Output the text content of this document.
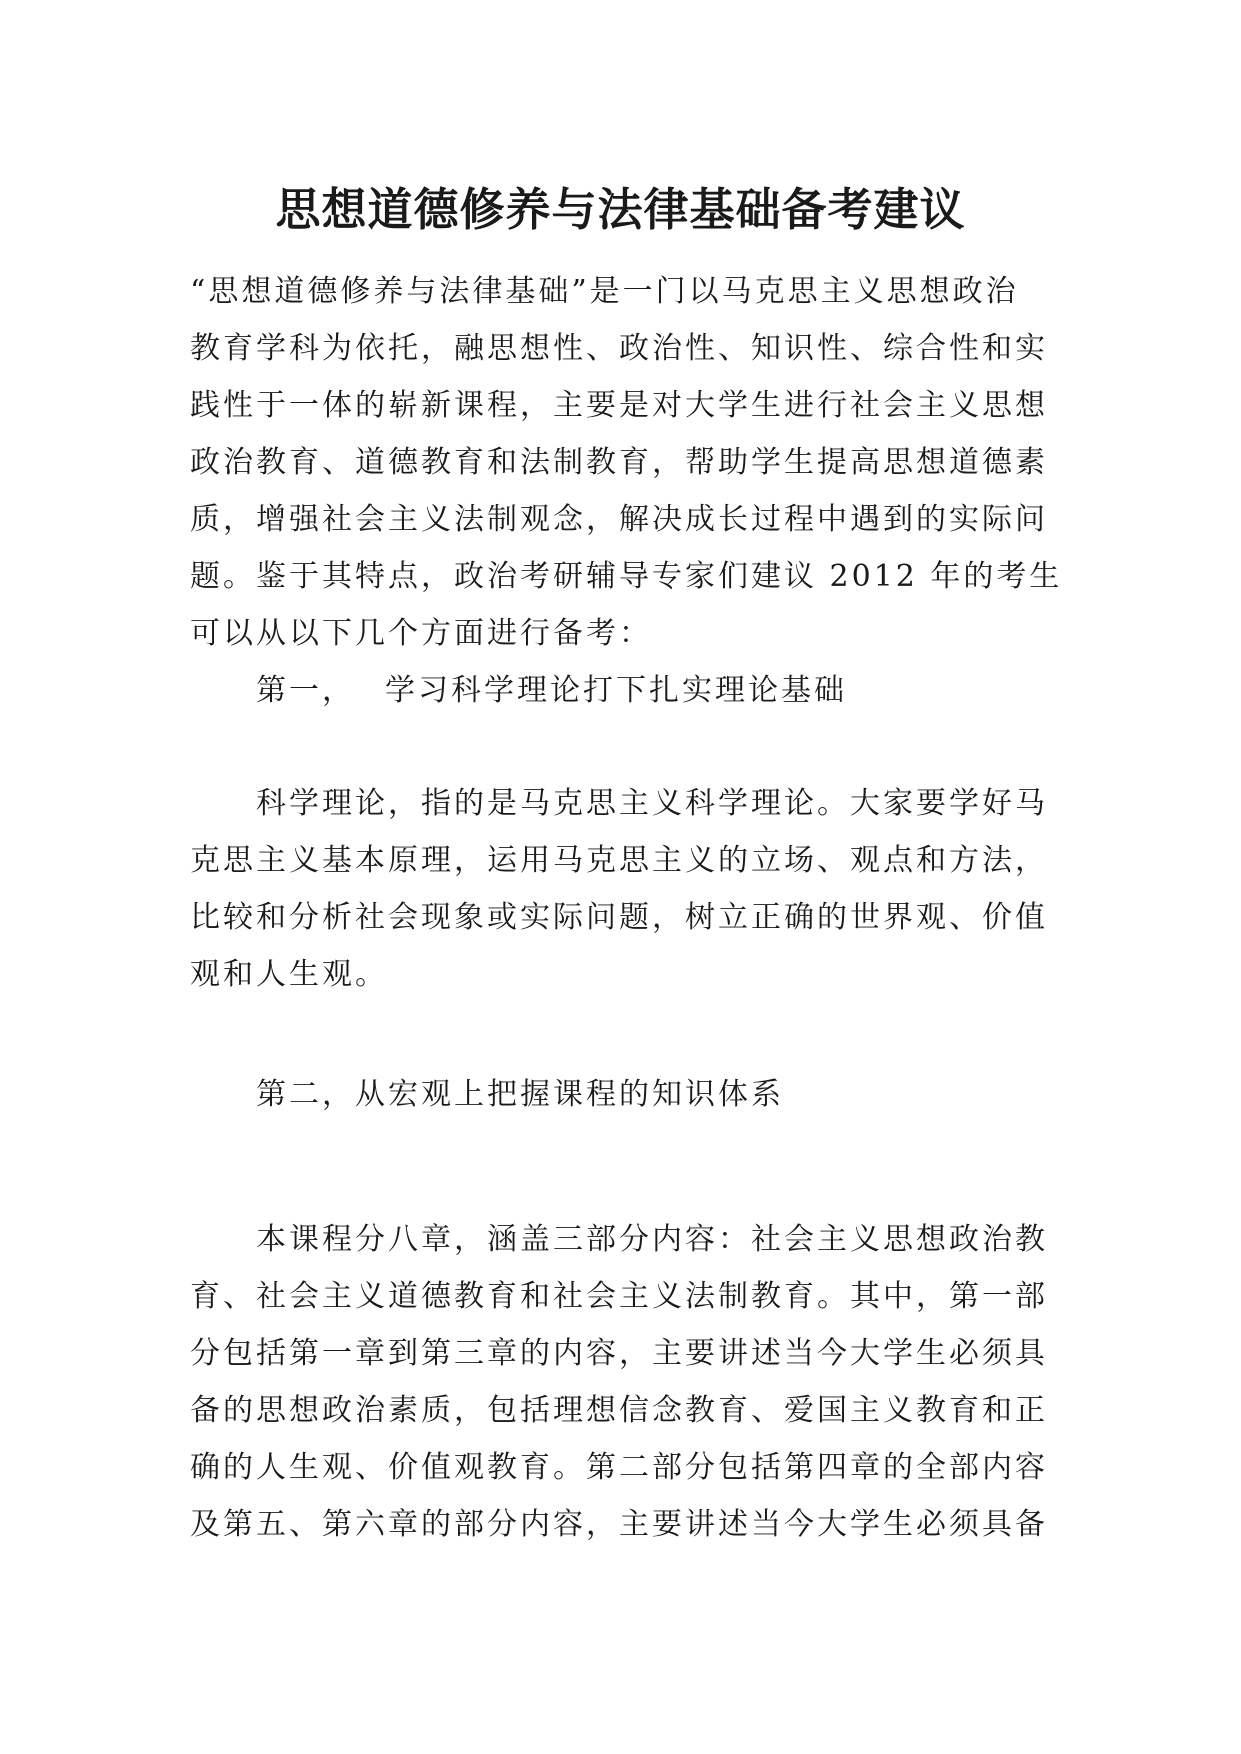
思想道德修养与法律基础备考建议
“思想道德修养与法律基础”是一门以马克思主义思想政治
教育学科为依托，融思想性、政治性、知识性、综合性和实
践性于一体的崭新课程，主要是对大学生进行社会主义思想
政治教育、道德教育和法制教育，帮助学生提高思想道德素
质，增强社会主义法制观念，解决成长过程中遇到的实际问
题。鉴于其特点，政治考研辅导专家们建议 2012 年的考生
可以从以下几个方面进行备考：
第一， 学习科学理论打下扎实理论基础
科学理论，指的是马克思主义科学理论。大家要学好马
克思主义基本原理，运用马克思主义的立场、观点和方法，
比较和分析社会现象或实际问题，树立正确的世界观、价值
观和人生观。
第二，从宏观上把握课程的知识体系
本课程分八章，涵盖三部分内容：社会主义思想政治教
育、社会主义道德教育和社会主义法制教育。其中，第一部
分包括第一章到第三章的内容，主要讲述当今大学生必须具
备的思想政治素质，包括理想信念教育、爱国主义教育和正
确的人生观、价值观教育。第二部分包括第四章的全部内容
及第五、第六章的部分内容，主要讲述当今大学生必须具备
